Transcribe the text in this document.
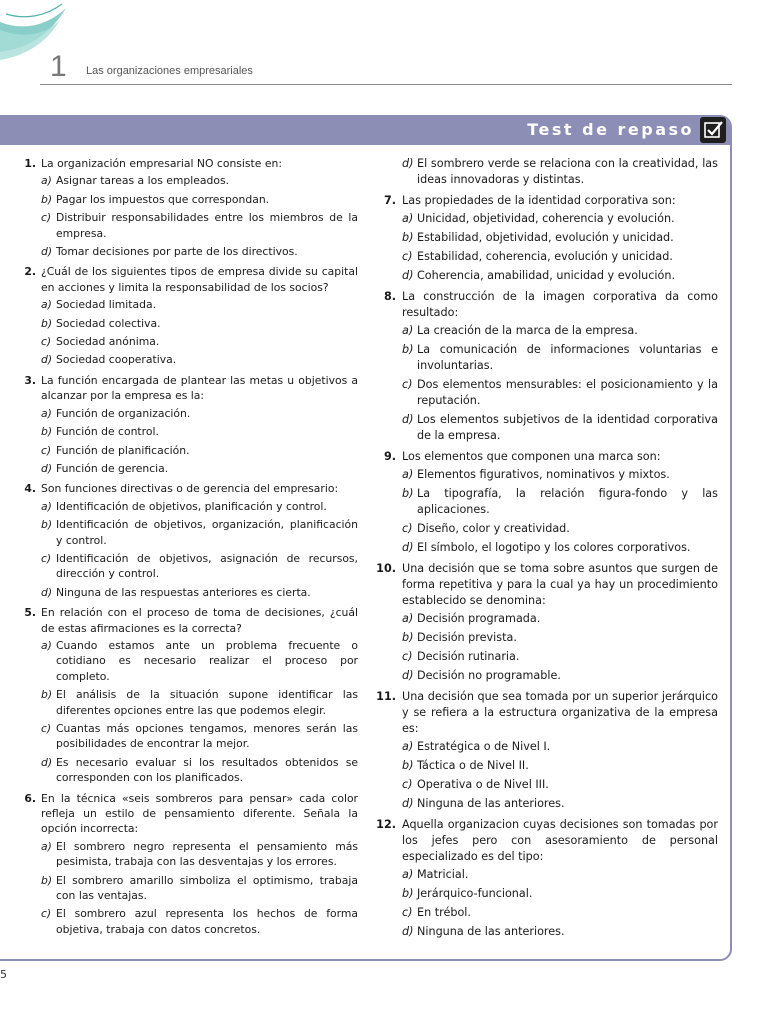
1 Las organizaciones empresariales
Test de repaso
1. La organización empresarial NO consiste en:
a) Asignar tareas a los empleados.
b) Pagar los impuestos que correspondan.
c) Distribuir responsabilidades entre los miembros de la empresa.
d) Tomar decisiones por parte de los directivos.
2. ¿Cuál de los siguientes tipos de empresa divide su capital en acciones y limita la responsabilidad de los socios?
a) Sociedad limitada.
b) Sociedad colectiva.
c) Sociedad anónima.
d) Sociedad cooperativa.
3. La función encargada de plantear las metas u objetivos a alcanzar por la empresa es la:
a) Función de organización.
b) Función de control.
c) Función de planificación.
d) Función de gerencia.
4. Son funciones directivas o de gerencia del empresario:
a) Identificación de objetivos, planificación y control.
b) Identificación de objetivos, organización, planificación y control.
c) Identificación de objetivos, asignación de recursos, dirección y control.
d) Ninguna de las respuestas anteriores es cierta.
5. En relación con el proceso de toma de decisiones, ¿cuál de estas afirmaciones es la correcta?
a) Cuando estamos ante un problema frecuente o cotidiano es necesario realizar el proceso por completo.
b) El análisis de la situación supone identificar las diferentes opciones entre las que podemos elegir.
c) Cuantas más opciones tengamos, menores serán las posibilidades de encontrar la mejor.
d) Es necesario evaluar si los resultados obtenidos se corresponden con los planificados.
6. En la técnica «seis sombreros para pensar» cada color refleja un estilo de pensamiento diferente. Señala la opción incorrecta:
a) El sombrero negro representa el pensamiento más pesimista, trabaja con las desventajas y los errores.
b) El sombrero amarillo simboliza el optimismo, trabaja con las ventajas.
c) El sombrero azul representa los hechos de forma objetiva, trabaja con datos concretos.
d) El sombrero verde se relaciona con la creatividad, las ideas innovadoras y distintas.
7. Las propiedades de la identidad corporativa son:
a) Unicidad, objetividad, coherencia y evolución.
b) Estabilidad, objetividad, evolución y unicidad.
c) Estabilidad, coherencia, evolución y unicidad.
d) Coherencia, amabilidad, unicidad y evolución.
8. La construcción de la imagen corporativa da como resultado:
a) La creación de la marca de la empresa.
b) La comunicación de informaciones voluntarias e involuntarias.
c) Dos elementos mensurables: el posicionamiento y la reputación.
d) Los elementos subjetivos de la identidad corporativa de la empresa.
9. Los elementos que componen una marca son:
a) Elementos figurativos, nominativos y mixtos.
b) La tipografía, la relación figura-fondo y las aplicaciones.
c) Diseño, color y creatividad.
d) El símbolo, el logotipo y los colores corporativos.
10. Una decisión que se toma sobre asuntos que surgen de forma repetitiva y para la cual ya hay un procedimiento establecido se denomina:
a) Decisión programada.
b) Decisión prevista.
c) Decisión rutinaria.
d) Decisión no programable.
11. Una decisión que sea tomada por un superior jerárquico y se refiera a la estructura organizativa de la empresa es:
a) Estratégica o de Nivel I.
b) Táctica o de Nivel II.
c) Operativa o de Nivel III.
d) Ninguna de las anteriores.
12. Aquella organizacion cuyas decisiones son tomadas por los jefes pero con asesoramiento de personal especializado es del tipo:
a) Matricial.
b) Jerárquico-funcional.
c) En trébol.
d) Ninguna de las anteriores.
5
